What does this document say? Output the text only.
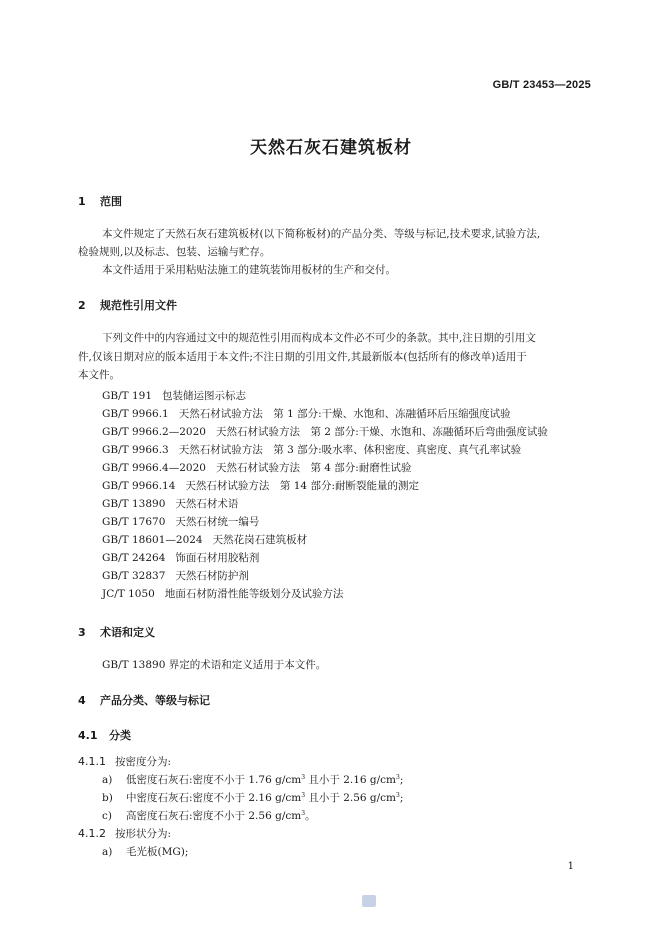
GB/T 23453—2025
天然石灰石建筑板材
1 范围
本文件规定了天然石灰石建筑板材(以下简称板材)的产品分类、等级与标记,技术要求,试验方法,
检验规则,以及标志、包装、运输与贮存。
本文件适用于采用粘贴法施工的建筑装饰用板材的生产和交付。
2 规范性引用文件
下列文件中的内容通过文中的规范性引用而构成本文件必不可少的条款。其中,注日期的引用文
件,仅该日期对应的版本适用于本文件;不注日期的引用文件,其最新版本(包括所有的修改单)适用于
本文件。
GB/T 191 包装储运图示标志
GB/T 9966.1 天然石材试验方法　第 1 部分:干燥、水饱和、冻融循环后压缩强度试验
GB/T 9966.2—2020 天然石材试验方法　第 2 部分:干燥、水饱和、冻融循环后弯曲强度试验
GB/T 9966.3 天然石材试验方法　第 3 部分:吸水率、体积密度、真密度、真气孔率试验
GB/T 9966.4—2020 天然石材试验方法　第 4 部分:耐磨性试验
GB/T 9966.14 天然石材试验方法　第 14 部分:耐断裂能量的测定
GB/T 13890 天然石材术语
GB/T 17670 天然石材统一编号
GB/T 18601—2024 天然花岗石建筑板材
GB/T 24264 饰面石材用胶粘剂
GB/T 32837 天然石材防护剂
JC/T 1050 地面石材防滑性能等级划分及试验方法
3 术语和定义
GB/T 13890 界定的术语和定义适用于本文件。
4 产品分类、等级与标记
4.1 分类
4.1.1 按密度分为:
a) 低密度石灰石:密度不小于 1.76 $g/cm^3$ 且小于 2.16 $g/cm^3$;
b) 中密度石灰石:密度不小于 2.16 $g/cm^3$ 且小于 2.56 $g/cm^3$;
c) 高密度石灰石:密度不小于 2.56 $g/cm^3$。
4.1.2 按形状分为:
a) 毛光板(MG);
1
